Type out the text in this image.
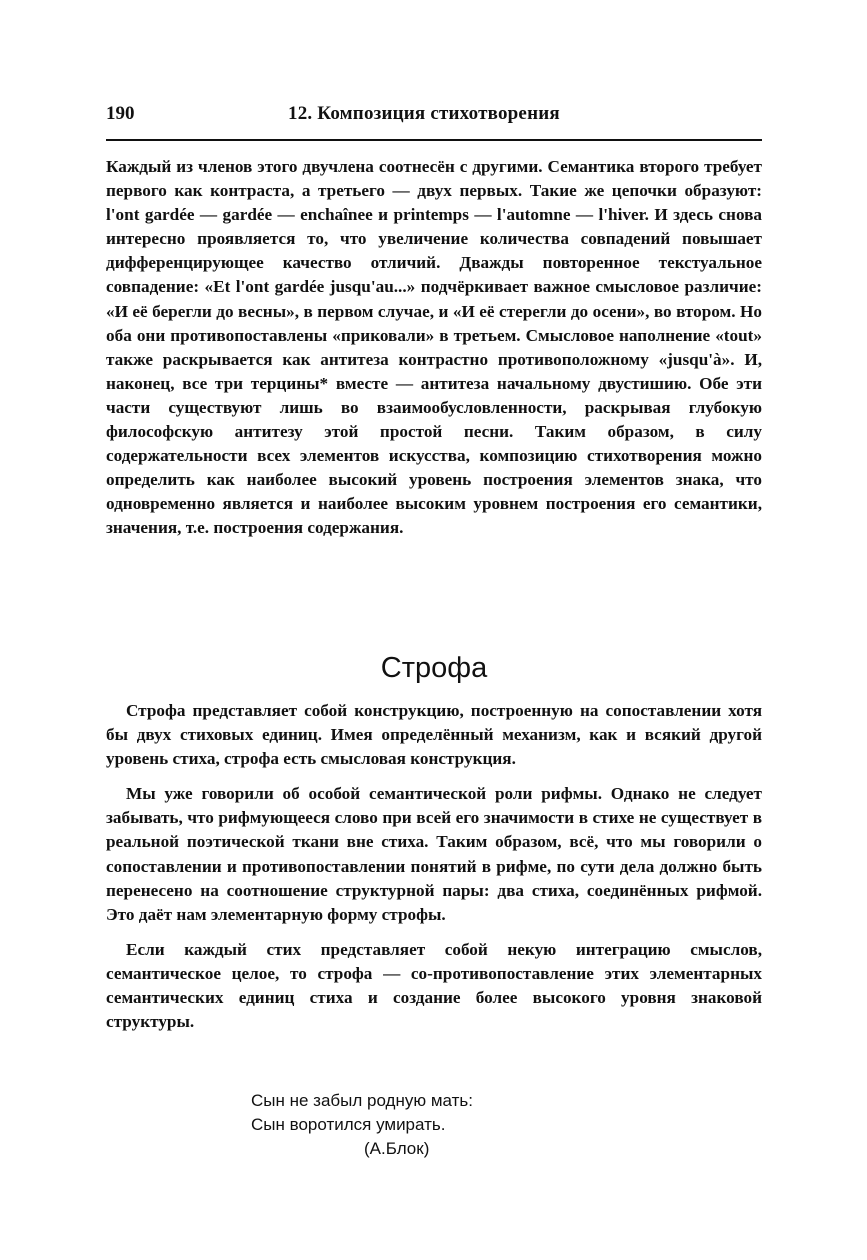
190	12. Композиция стихотворения

Каждый из членов этого двучлена соотнесён с другими. Семантика второго требует первого как контраста, а третьего — двух первых. Такие же цепочки образуют: l'ont gardée — gardée — enchaînee и printemps — l'automne — l'hiver. И здесь снова интересно проявляется то, что увеличение количества совпадений повышает дифференцирующее качество отличий. Дважды повторенное текстуальное совпадение: «Et l'ont gardée jusqu'au...» подчёркивает важное смысловое различие: «И её берегли до весны», в первом случае, и «И её стерегли до осени», во втором. Но оба они противопоставлены «приковали» в третьем. Смысловое наполнение «tout» также раскрывается как антитеза контрастно противоположному «jusqu'à». И, наконец, все три терцины* вместе — антитеза начальному двустишию. Обе эти части существуют лишь во взаимообусловленности, раскрывая глубокую философскую антитезу этой простой песни. Таким образом, в силу содержательности всех элементов искусства, композицию стихотворения можно определить как наиболее высокий уровень построения элементов знака, что одновременно является и наиболее высоким уровнем построения его семантики, значения, т.е. построения содержания.

Строфа

Строфа представляет собой конструкцию, построенную на сопоставлении хотя бы двух стиховых единиц. Имея определённый механизм, как и всякий другой уровень стиха, строфа есть смысловая конструкция.

Мы уже говорили об особой семантической роли рифмы. Однако не следует забывать, что рифмующееся слово при всей его значимости в стихе не существует в реальной поэтической ткани вне стиха. Таким образом, всё, что мы говорили о сопоставлении и противопоставлении понятий в рифме, по сути дела должно быть перенесено на соотношение структурной пары: два стиха, соединённых рифмой. Это даёт нам элементарную форму строфы.

Если каждый стих представляет собой некую интеграцию смыслов, семантическое целое, то строфа — со-противопоставление этих элементарных семантических единиц стиха и создание более высокого уровня знаковой структуры.

Сын не забыл родную мать:
Сын воротился умирать.
(А.Блок)
